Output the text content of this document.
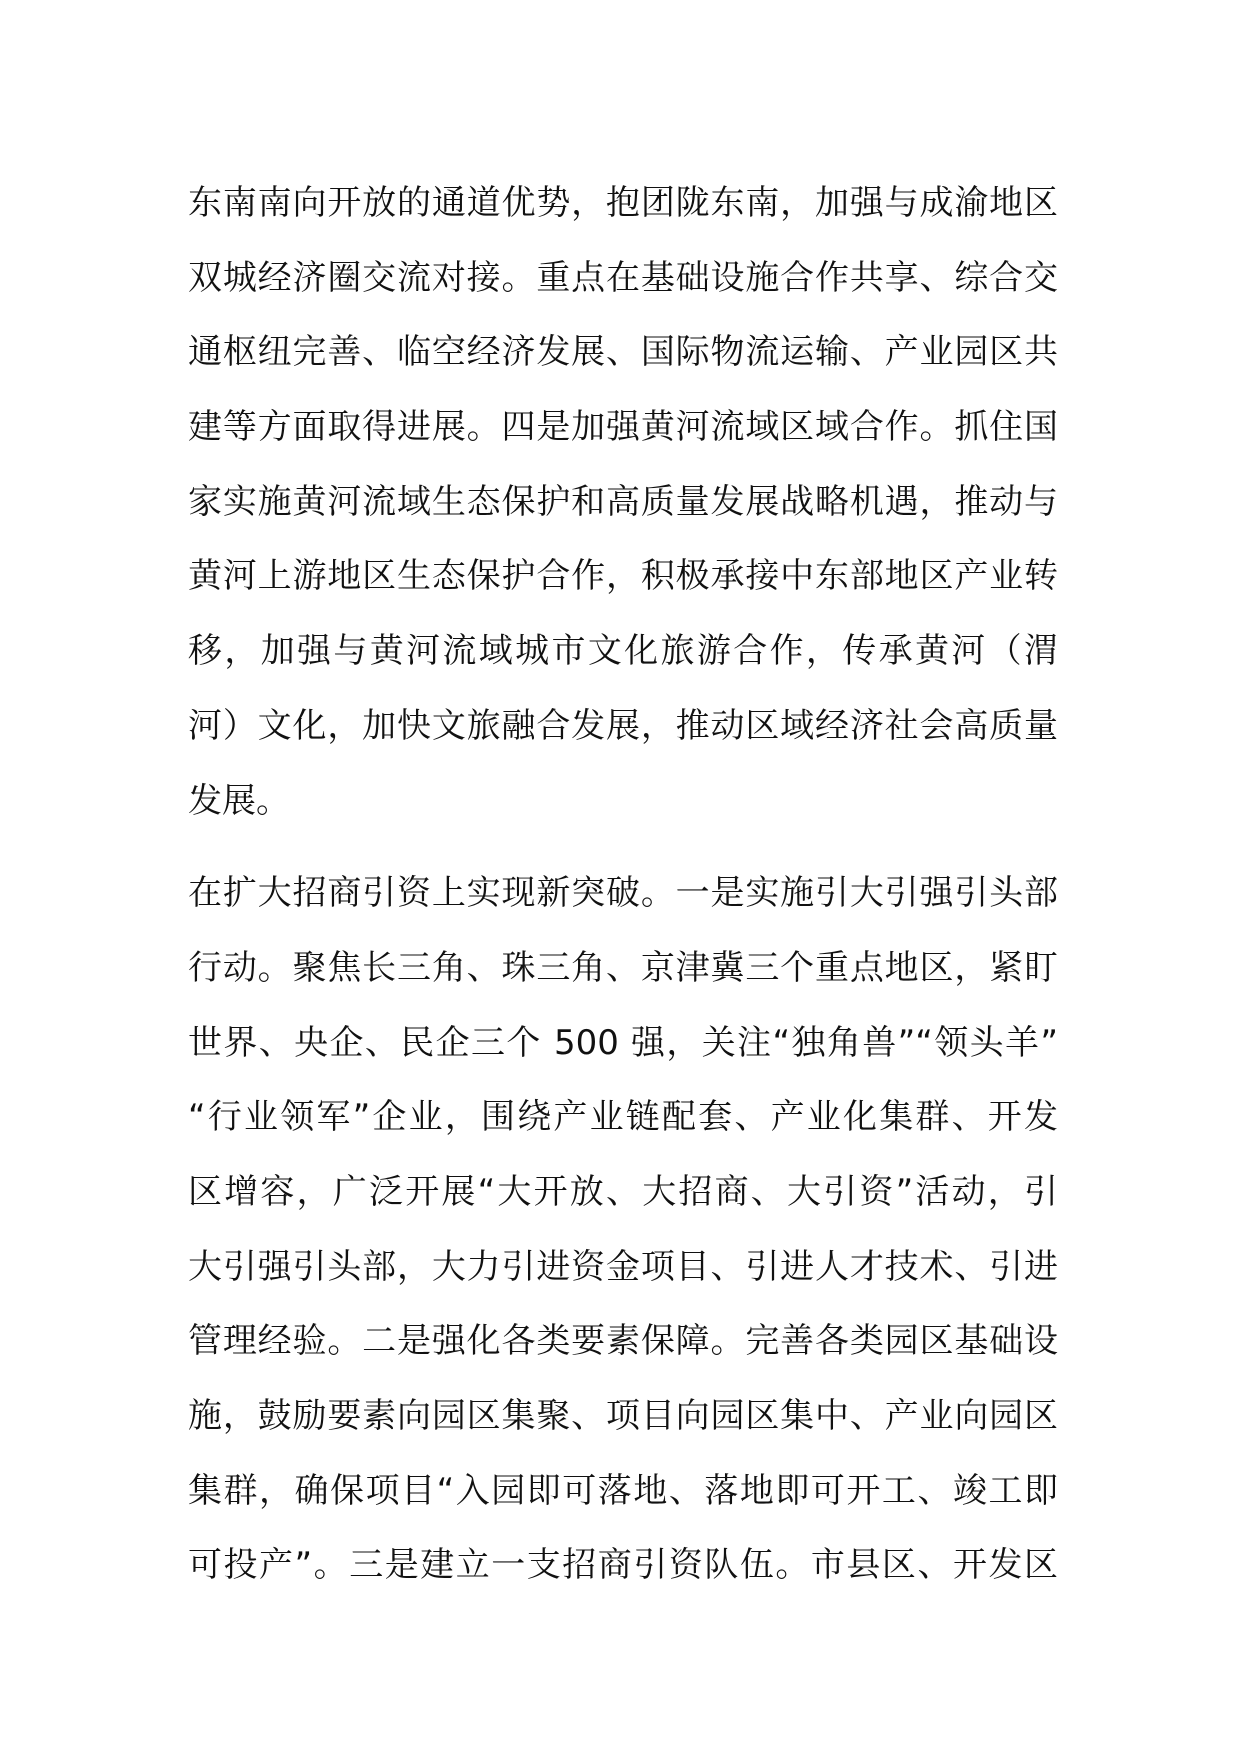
东南南向开放的通道优势，抱团陇东南，加强与成渝地区
双城经济圈交流对接。重点在基础设施合作共享、综合交
通枢纽完善、临空经济发展、国际物流运输、产业园区共
建等方面取得进展。四是加强黄河流域区域合作。抓住国
家实施黄河流域生态保护和高质量发展战略机遇，推动与
黄河上游地区生态保护合作，积极承接中东部地区产业转
移，加强与黄河流域城市文化旅游合作，传承黄河（渭
河）文化，加快文旅融合发展，推动区域经济社会高质量
发展。
在扩大招商引资上实现新突破。一是实施引大引强引头部
行动。聚焦长三角、珠三角、京津冀三个重点地区，紧盯
世界、央企、民企三个 500 强，关注“独角兽”“领头羊”
“行业领军”企业，围绕产业链配套、产业化集群、开发
区增容，广泛开展“大开放、大招商、大引资”活动，引
大引强引头部，大力引进资金项目、引进人才技术、引进
管理经验。二是强化各类要素保障。完善各类园区基础设
施，鼓励要素向园区集聚、项目向园区集中、产业向园区
集群，确保项目“入园即可落地、落地即可开工、竣工即
可投产”。三是建立一支招商引资队伍。市县区、开发区
